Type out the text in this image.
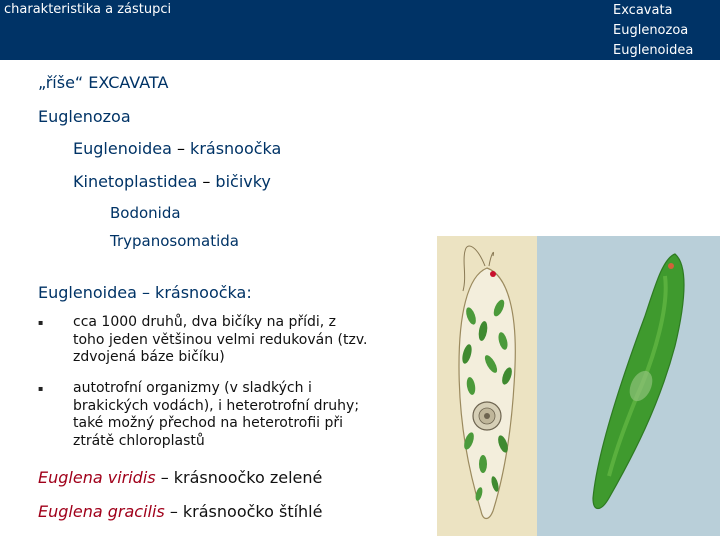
charakteristika a zástupci	Excavata
Euglenozoa
Euglenoidea
„říše“ EXCAVATA
Euglenozoa
Euglenoidea – krásnoočka
Kinetoplastidea – bičivky
Bodonida
Trypanosomatida
Euglenoidea – krásnoočka:
▪ cca 1000 druhů, dva bičíky na přídi, z
toho jeden většinou velmi redukován (tzv.
zdvojená báze bičíku)
▪ autotrofní organizmy (v sladkých i
brakických vodách), i heterotrofní druhy;
také možný přechod na heterotrofii při
ztrátě chloroplastů
Euglena viridis – krásnoočko zelené
Euglena gracilis – krásnoočko štíhlé
